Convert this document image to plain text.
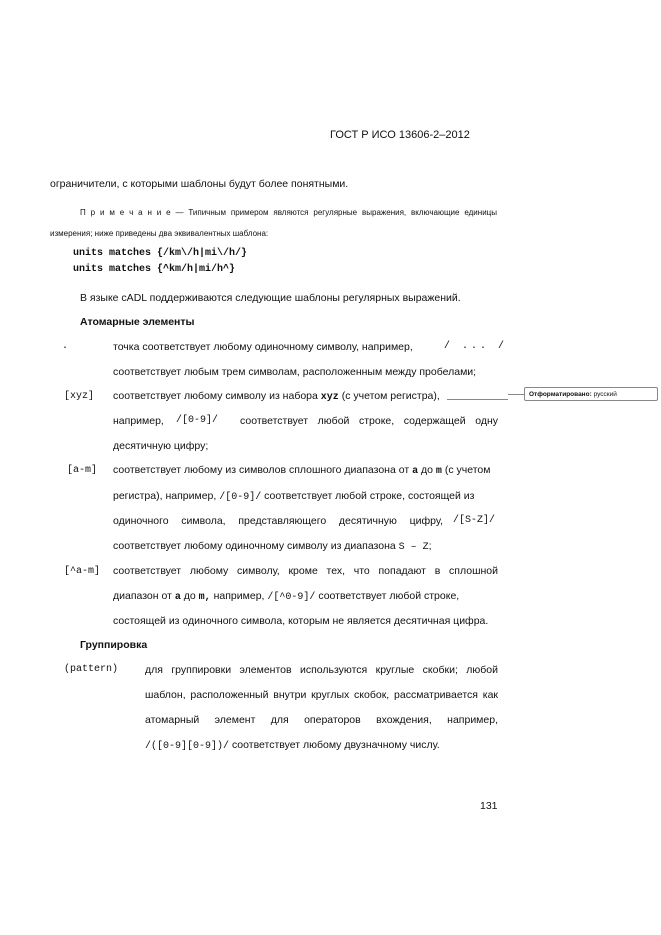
ГОСТ Р ИСО 13606-2–2012
ограничители, с которыми шаблоны будут более понятными.
П р и м е ч а н и е — Типичным примером являются регулярные выражения, включающие единицы
измерения; ниже приведены два эквивалентных шаблона:
units matches {/km\/h|mi\/h/}
units matches {^km/h|mi/h^}
В языке cADL поддерживаются следующие шаблоны регулярных выражений.
Атомарные элементы
.	точка соответствует любому одиночному символу, например,	/ ... /
соответствует любым трем символам, расположенным между пробелами;
[xyz] соответствует любому символу из набора xyz (с учетом регистра),
например, /[0-9]/ соответствует любой строке, содержащей одну
десятичную цифру;
[a-m] соответствует любому из символов сплошного диапазона от a до m (с учетом
регистра), например, /[0-9]/ соответствует любой строке, состоящей из
одиночного символа, представляющего десятичную цифру, /[S-Z]/
соответствует любому одиночному символу из диапазона S – Z;
[^a-m] соответствует любому символу, кроме тех, что попадают в сплошной
диапазон от a до m, например, /[^0-9]/ соответствует любой строке,
состоящей из одиночного символа, которым не является десятичная цифра.
Группировка
(pattern)	для группировки элементов используются круглые скобки; любой
шаблон, расположенный внутри круглых скобок, рассматривается как
атомарный элемент для операторов вхождения, например,
/([0-9][0-9])/ соответствует любому двузначному числу.
Отформатировано: русский
131
